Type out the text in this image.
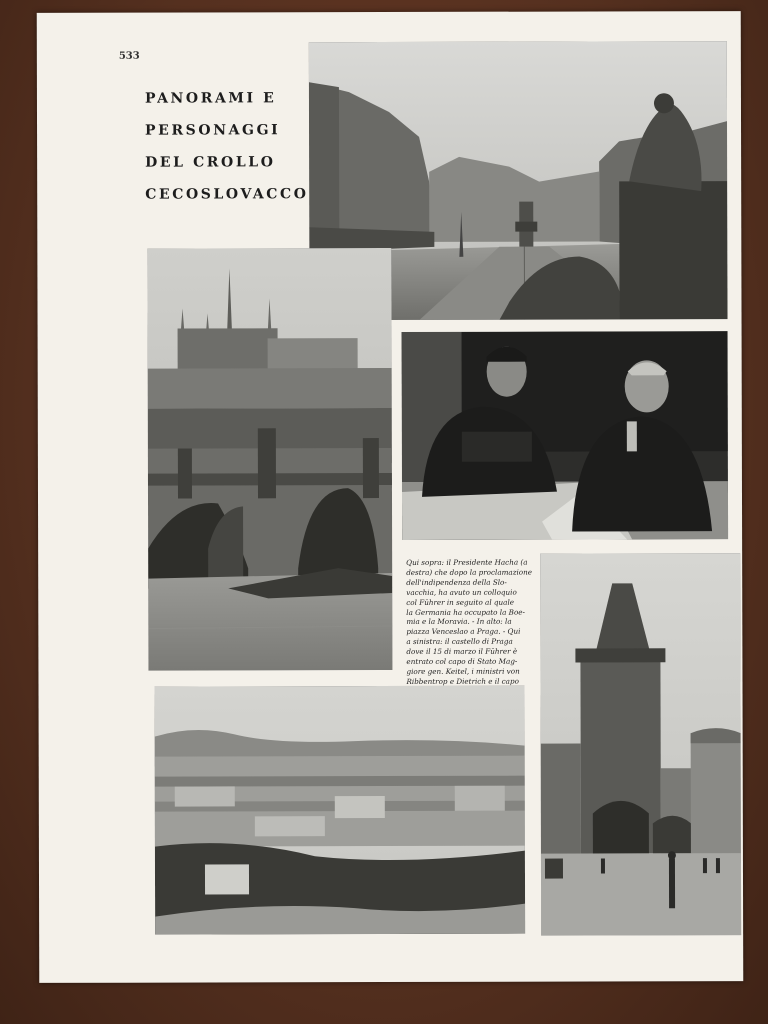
533
PANORAMI E
PERSONAGGI
DEL CROLLO
CECOSLOVACCO
Qui sopra: il Presidente Hacha (a
destra) che dopo la proclamazione
dell'indipendenza della Slo-
vacchia, ha avuto un colloquio
col Führer in seguito al quale
la Germania ha occupato la Boe-
mia e la Moravia. - In alto: la
piazza Venceslao a Praga. - Qui
a sinistra: il castello di Praga
dove il 15 di marzo il Führer è
entrato col capo di Stato Mag-
giore gen. Keitel, i ministri von
Ribbentrop e Dietrich e il capo
